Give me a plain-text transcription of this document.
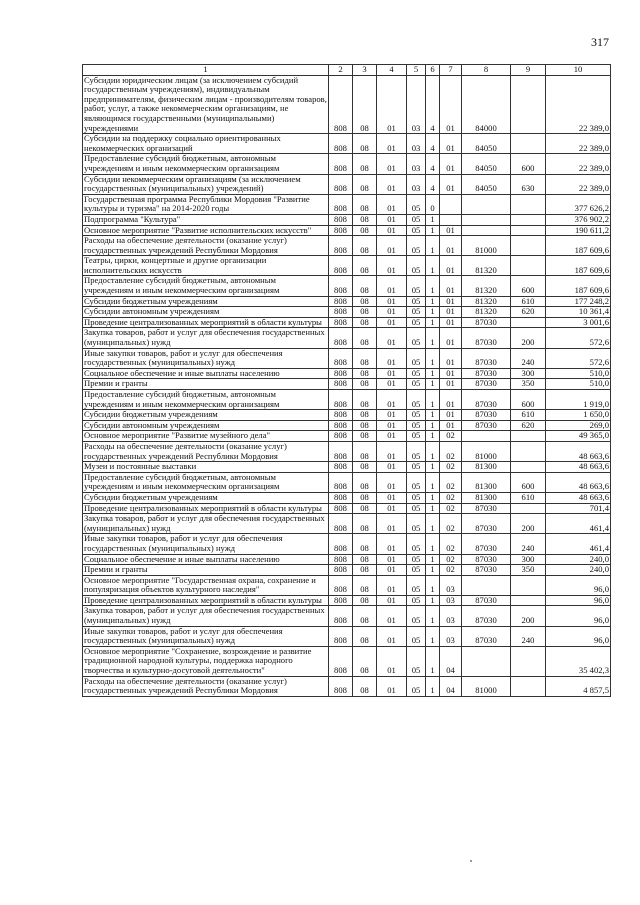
317
1	2	3	4	5	6	7	8	9	10
Субсидии юридическим лицам (за исключением субсидий государственным учреждениям), индивидуальным предпринимателям, физическим лицам - производителям товаров, работ, услуг, а также некоммерческим организациям, не являющимся государственными (муниципальными) учреждениями	808	08	01	03	4	01	84000		22 389,0
Субсидии на поддержку социально ориентированных некоммерческих организаций	808	08	01	03	4	01	84050		22 389,0
Предоставление субсидий бюджетным, автономным учреждениям и иным некоммерческим организациям	808	08	01	03	4	01	84050	600	22 389,0
Субсидии некоммерческим организациям (за исключением государственных (муниципальных) учреждений)	808	08	01	03	4	01	84050	630	22 389,0
Государственная программа Республики Мордовия "Развитие культуры и туризма" на 2014-2020 годы	808	08	01	05	0				377 626,2
Подпрограмма "Культура"	808	08	01	05	1				376 902,2
Основное мероприятие "Развитие исполнительских искусств"	808	08	01	05	1	01			190 611,2
Расходы на обеспечение деятельности (оказание услуг) государственных учреждений Республики Мордовия	808	08	01	05	1	01	81000		187 609,6
Театры, цирки, концертные и другие организации исполнительских искусств	808	08	01	05	1	01	81320		187 609,6
Предоставление субсидий бюджетным, автономным учреждениям и иным некоммерческим организациям	808	08	01	05	1	01	81320	600	187 609,6
Субсидии бюджетным учреждениям	808	08	01	05	1	01	81320	610	177 248,2
Субсидии автономным учреждениям	808	08	01	05	1	01	81320	620	10 361,4
Проведение централизованных мероприятий в области культуры	808	08	01	05	1	01	87030		3 001,6
Закупка товаров, работ и услуг для обеспечения государственных (муниципальных) нужд	808	08	01	05	1	01	87030	200	572,6
Иные закупки товаров, работ и услуг для обеспечения государственных (муниципальных) нужд	808	08	01	05	1	01	87030	240	572,6
Социальное обеспечение и иные выплаты населению	808	08	01	05	1	01	87030	300	510,0
Премии и гранты	808	08	01	05	1	01	87030	350	510,0
Предоставление субсидий бюджетным, автономным учреждениям и иным некоммерческим организациям	808	08	01	05	1	01	87030	600	1 919,0
Субсидии бюджетным учреждениям	808	08	01	05	1	01	87030	610	1 650,0
Субсидии автономным учреждениям	808	08	01	05	1	01	87030	620	269,0
Основное мероприятие "Развитие музейного дела"	808	08	01	05	1	02			49 365,0
Расходы на обеспечение деятельности (оказание услуг) государственных учреждений Республики Мордовия	808	08	01	05	1	02	81000		48 663,6
Музеи и постоянные выставки	808	08	01	05	1	02	81300		48 663,6
Предоставление субсидий бюджетным, автономным учреждениям и иным некоммерческим организациям	808	08	01	05	1	02	81300	600	48 663,6
Субсидии бюджетным учреждениям	808	08	01	05	1	02	81300	610	48 663,6
Проведение централизованных мероприятий в области культуры	808	08	01	05	1	02	87030		701,4
Закупка товаров, работ и услуг для обеспечения государственных (муниципальных) нужд	808	08	01	05	1	02	87030	200	461,4
Иные закупки товаров, работ и услуг для обеспечения государственных (муниципальных) нужд	808	08	01	05	1	02	87030	240	461,4
Социальное обеспечение и иные выплаты населению	808	08	01	05	1	02	87030	300	240,0
Премии и гранты	808	08	01	05	1	02	87030	350	240,0
Основное мероприятие "Государственная охрана, сохранение и популяризация объектов культурного наследия"	808	08	01	05	1	03			96,0
Проведение централизованных мероприятий в области культуры	808	08	01	05	1	03	87030		96,0
Закупка товаров, работ и услуг для обеспечения государственных (муниципальных) нужд	808	08	01	05	1	03	87030	200	96,0
Иные закупки товаров, работ и услуг для обеспечения государственных (муниципальных) нужд	808	08	01	05	1	03	87030	240	96,0
Основное мероприятие "Сохранение, возрождение и развитие традиционной народной культуры, поддержка народного творчества и культурно-досуговой деятельности"	808	08	01	05	1	04			35 402,3
Расходы на обеспечение деятельности (оказание услуг) государственных учреждений Республики Мордовия	808	08	01	05	1	04	81000		4 857,5
